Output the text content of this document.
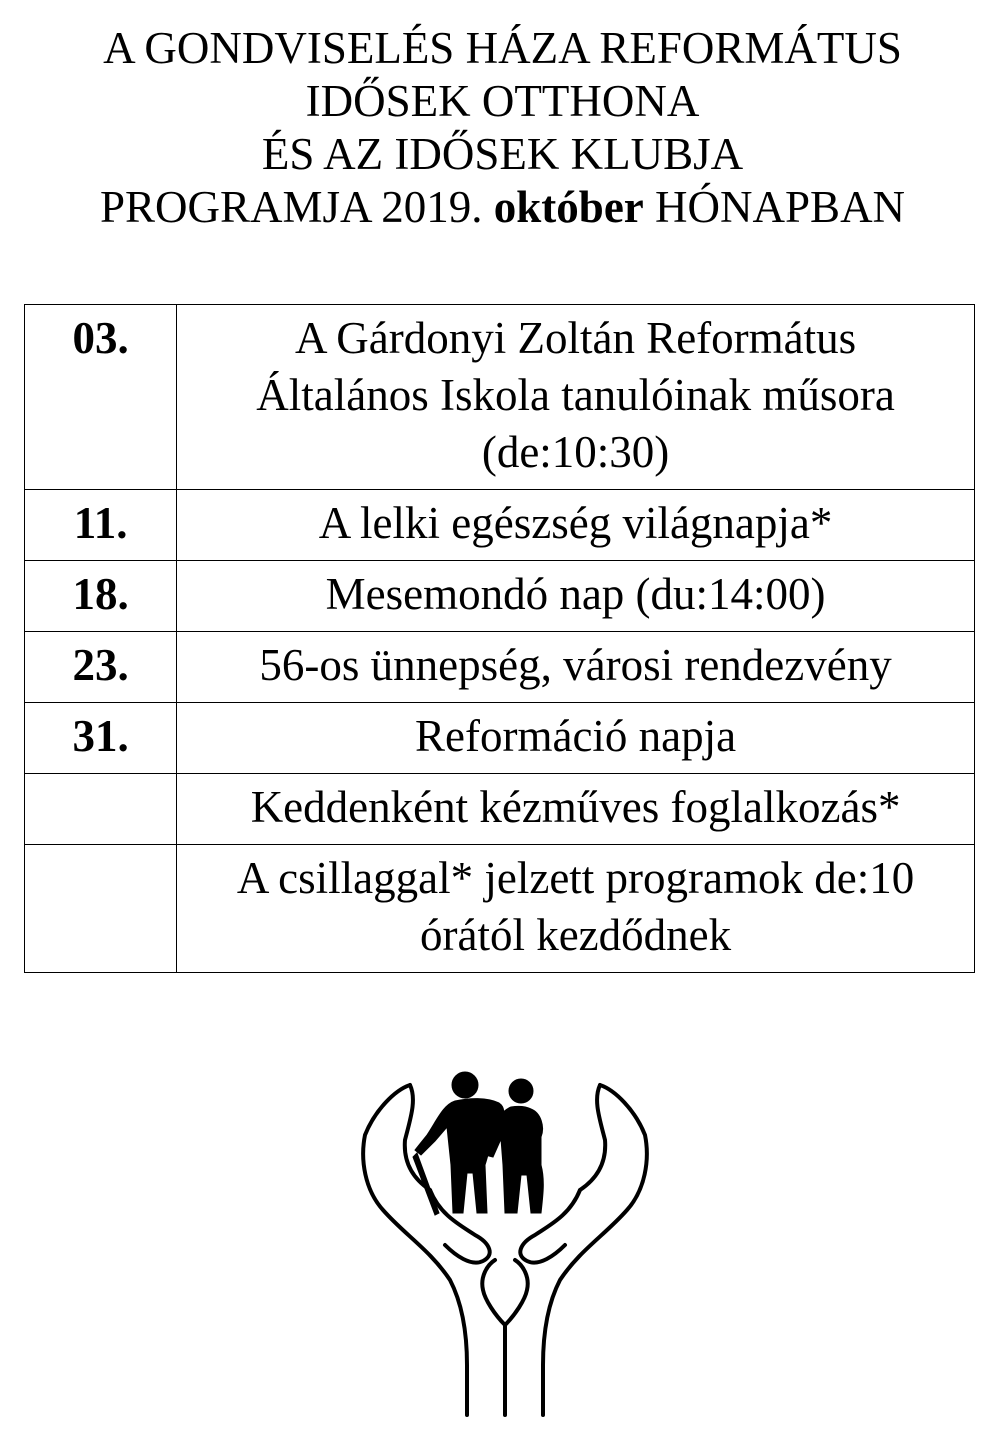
A GONDVISELÉS HÁZA REFORMÁTUS
IDŐSEK OTTHONA
ÉS AZ IDŐSEK KLUBJA
PROGRAMJA 2019. október HÓNAPBAN
03.	A Gárdonyi Zoltán Református
Általános Iskola tanulóinak műsora
(de:10:30)

11.	A lelki egészség világnapja*

18.	Mesemondó nap (du:14:00)

23.	56-os ünnepség, városi rendezvény

31.	Reformáció napja

	Keddenként kézműves foglalkozás*

	A csillaggal* jelzett programok de:10
órától kezdődnek
